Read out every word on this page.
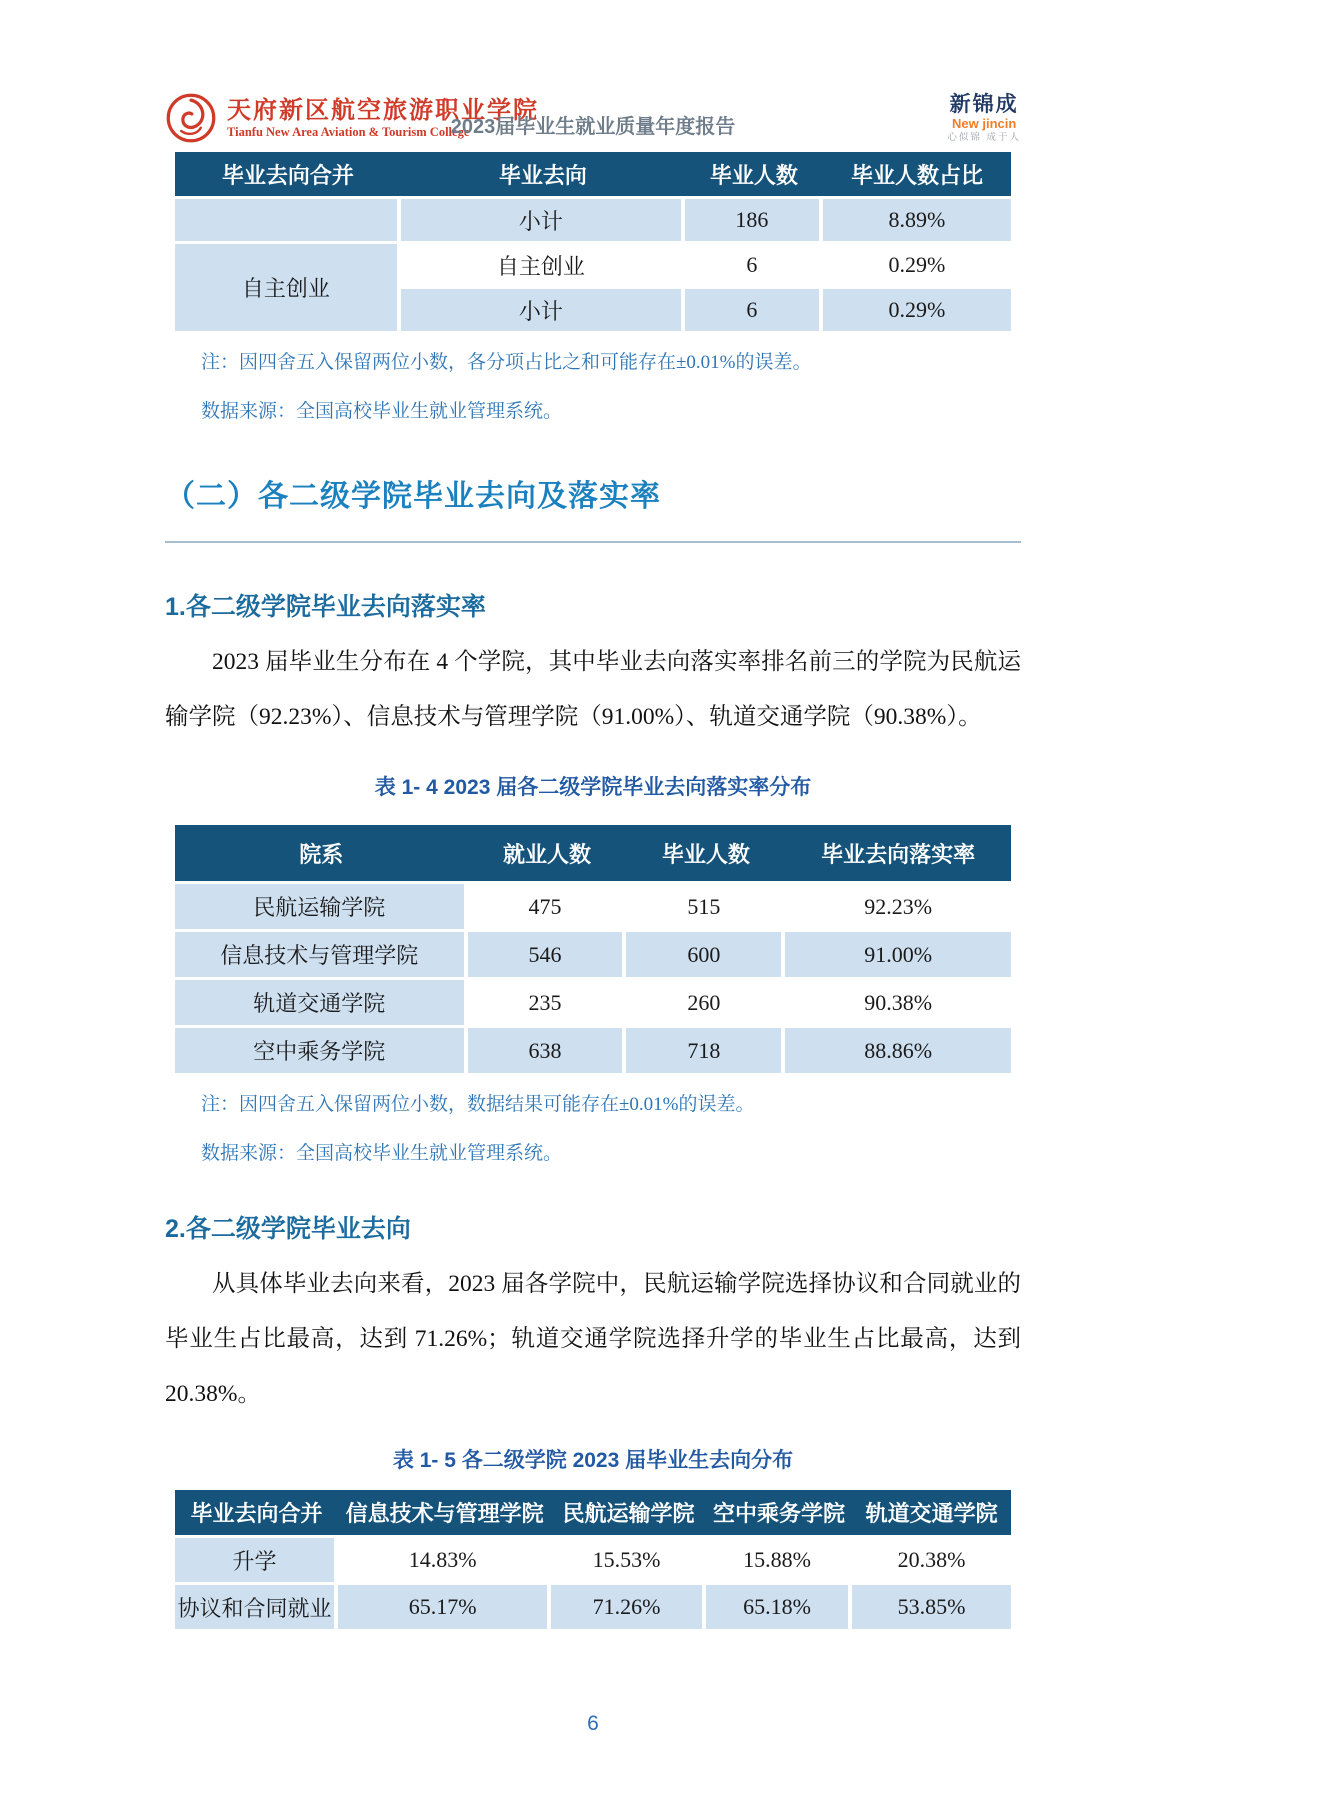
天府新区航空旅游职业学院
Tianfu New Area Aviation & Tourism College
2023届毕业生就业质量年度报告
新锦成
New jincin
心似锦 成于人
毕业去向合并	毕业去向	毕业人数	毕业人数占比
	小计	186	8.89%
自主创业	自主创业	6	0.29%
	小计	6	0.29%
注：因四舍五入保留两位小数，各分项占比之和可能存在±0.01%的误差。
数据来源：全国高校毕业生就业管理系统。
（二）各二级学院毕业去向及落实率
1.各二级学院毕业去向落实率
2023 届毕业生分布在 4 个学院，其中毕业去向落实率排名前三的学院为民航运输学院（92.23%）、信息技术与管理学院（91.00%）、轨道交通学院（90.38%）。
表 1- 4 2023 届各二级学院毕业去向落实率分布
院系	就业人数	毕业人数	毕业去向落实率
民航运输学院	475	515	92.23%
信息技术与管理学院	546	600	91.00%
轨道交通学院	235	260	90.38%
空中乘务学院	638	718	88.86%
注：因四舍五入保留两位小数，数据结果可能存在±0.01%的误差。
数据来源：全国高校毕业生就业管理系统。
2.各二级学院毕业去向
从具体毕业去向来看，2023 届各学院中，民航运输学院选择协议和合同就业的毕业生占比最高，达到 71.26%；轨道交通学院选择升学的毕业生占比最高，达到 20.38%。
表 1- 5 各二级学院 2023 届毕业生去向分布
毕业去向合并	信息技术与管理学院	民航运输学院	空中乘务学院	轨道交通学院
升学	14.83%	15.53%	15.88%	20.38%
协议和合同就业	65.17%	71.26%	65.18%	53.85%
6
